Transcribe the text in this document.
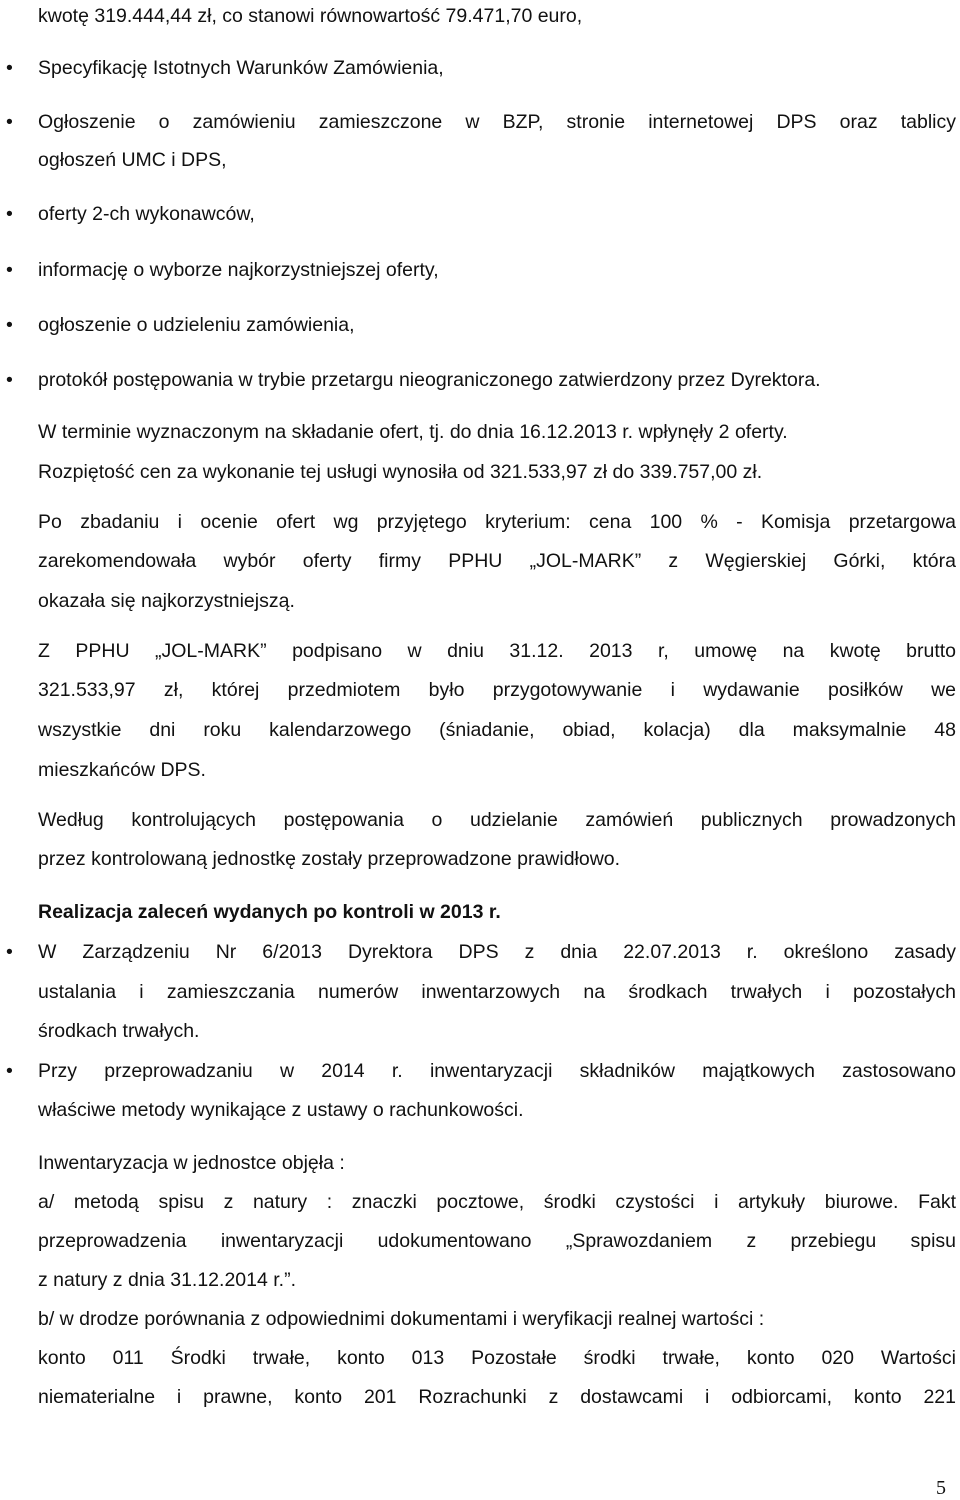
kwotę 319.444,44 zł, co stanowi równowartość 79.471,70 euro,
• Specyfikację Istotnych Warunków Zamówienia,
• Ogłoszenie o zamówieniu zamieszczone w BZP, stronie internetowej DPS oraz tablicy
ogłoszeń UMC i DPS,
• oferty 2-ch wykonawców,
• informację o wyborze najkorzystniejszej oferty,
• ogłoszenie o udzieleniu zamówienia,
• protokół postępowania w trybie przetargu nieograniczonego zatwierdzony przez Dyrektora.
W terminie wyznaczonym na składanie ofert, tj. do dnia 16.12.2013 r. wpłynęły 2 oferty.
Rozpiętość cen za wykonanie tej usługi wynosiła od 321.533,97 zł do 339.757,00 zł.
Po zbadaniu i ocenie ofert wg przyjętego kryterium: cena 100 % - Komisja przetargowa
zarekomendowała wybór oferty firmy PPHU „JOL-MARK” z Węgierskiej Górki, która
okazała się najkorzystniejszą.
Z PPHU „JOL-MARK” podpisano w dniu 31.12. 2013 r, umowę na kwotę brutto
321.533,97 zł, której przedmiotem było przygotowywanie i wydawanie posiłków we
wszystkie dni roku kalendarzowego (śniadanie, obiad, kolacja) dla maksymalnie 48
mieszkańców DPS.
Według kontrolujących postępowania o udzielanie zamówień publicznych prowadzonych
przez kontrolowaną jednostkę zostały przeprowadzone prawidłowo.
Realizacja zaleceń wydanych po kontroli w 2013 r.
• W Zarządzeniu Nr 6/2013 Dyrektora DPS z dnia 22.07.2013 r. określono zasady
ustalania i zamieszczania numerów inwentarzowych na środkach trwałych i pozostałych
środkach trwałych.
• Przy przeprowadzaniu w 2014 r. inwentaryzacji składników majątkowych zastosowano
właściwe metody wynikające z ustawy o rachunkowości.
Inwentaryzacja w jednostce objęła :
a/ metodą spisu z natury : znaczki pocztowe, środki czystości i artykuły biurowe. Fakt
przeprowadzenia inwentaryzacji udokumentowano „Sprawozdaniem z przebiegu spisu
z natury z dnia 31.12.2014 r.”.
b/ w drodze porównania z odpowiednimi dokumentami i weryfikacji realnej wartości :
konto 011 Środki trwałe, konto 013 Pozostałe środki trwałe, konto 020 Wartości
niematerialne i prawne, konto 201 Rozrachunki z dostawcami i odbiorcami, konto 221
5
